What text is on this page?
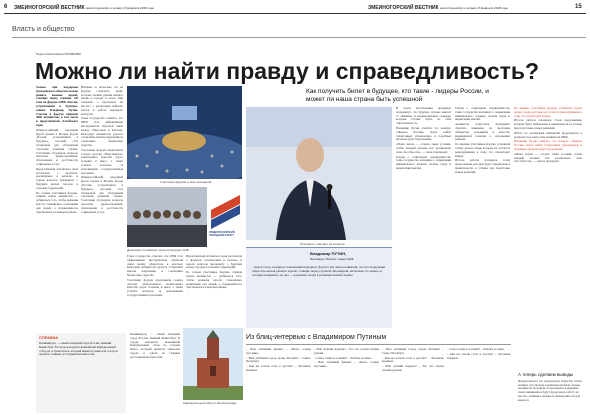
6 ЗМЕИНОГОРСКИЙ ВЕСТНИК www.zmgvestnik.ru четверг, 8 февраля 2018 года	ЗМЕИНОГОРСКИЙ ВЕСТНИК www.zmgvestnik.ru четверг, 8 февраля 2018 года	15
Власть и общество
Подготовила Ирина ПОЛЯКОВА
Можно ли найти правду и справедливость?

Только при поддержке гражданского общества можно решить важные задачи, стоящие перед страной. Об этом на форуме ОНФ «Россия, устремленная в будущее» заявил Владимир Путин. Участие в форуме приняли 3000 активистов, в том числе и представители Алтайского края.

Общероссийский народный фронт провел в Москве форум «Россия, устремленная в будущее», который стал площадкой для обсуждения стратегии развития страны. Участники обсуждали вопросы экологии, здравоохранения, образования и доступности социальных услуг.

Представители Алтайского края рассказали о проектах, реализуемых в регионе, и задали вопросы президенту о будущем малых городов и сельских территорий.

По словам участников форума, главная задача активистов — добиваться того, чтобы решения власти становились понятными для людей, а справедливость чувствовалась в каждом районе.

Впервые за несколько лет на форуме собрались люди, которые своими руками меняют жизнь в городах и селах. Они говорили о проблемах на местах, о реализации майских указов и работе народного контроля.

Глава государства отметил, что ОНФ стал эффективным инструментом обратной связи между обществом и властью. Благодаря активистам удалось остановить многие нарушения и сэкономить бюджетные средства.

Участники форума предложили создать систему общественного мониторинга качества дорог, больниц и школ, а также усилить контроль за исполнением государственных программ.

Общероссийский народный фронт провел в Москве форум «Россия, устремленная в будущее», который стал площадкой для обсуждения стратегии развития страны. Участники обсуждали вопросы экологии, здравоохранения, образования и доступности социальных услуг.

Участники форума в зале заседаний
Делегация Алтайского края на форуме ОНФ
ОБЩЕРОССИЙСКИЙ НАРОДНЫЙ ФРОНТ

Глава государства отметил, что ОНФ стал эффективным инструментом обратной связи между обществом и властью. Благодаря активистам удалось остановить многие нарушения и сэкономить бюджетные средства.

Участники форума предложили создать систему общественного мониторинга качества дорог, больниц и школ, а также усилить контроль за исполнением государственных программ.

Представители Алтайского края рассказали о проектах, реализуемых в регионе, и задали вопросы президенту о будущем малых городов и сельских территорий.

По словам участников форума, главная задача активистов — добиваться того, чтобы решения власти становились понятными для людей, а справедливость чувствовалась в каждом районе.

Как получить билет в будущее, кто такие - лидеры России, и может ли наша страна быть успешной
Президент отвечает на вопросы

В своем выступлении президент подчеркнул, что будущее страны зависит от активных и неравнодушных граждан, которые готовы брать на себя ответственность.

Владимир Путин отметил, что конкурс «Лидеры России» помог найти талантливых управленцев, и подобные проекты будут продолжены.

«Наша задача — создать такие условия, чтобы каждый человек мог реализовать свои способности», — сказал президент.

Говоря о социальной справедливости, глава государства напомнил о повышении минимального размера оплаты труда и индексации пенсий.

Говоря о социальной справедливости, глава государства напомнил о повышении минимального размера оплаты труда и индексации пенсий.

Активисты попросили президента обратить внимание на проблемы обманутых дольщиков и качество медицинской помощи в отдаленных районах.

По мнению участников форума, успешной страну делают люди, которые не остаются равнодушными к тому, что происходит вокруг.

Итогом работы площадок стали предложения, которые будут направлены в правительство и учтены при подготовке новых решений.

По мнению участников форума, успешной страну делают люди, которые не остаются равнодушными к тому, что происходит вокруг.

Итогом работы площадок стали предложения, которые будут направлены в правительство и учтены при подготовке новых решений.

Работа по реализации инициатив продолжится в регионах под контролем активистов ОНФ.

Владимир Путин отметил, что конкурс «Лидеры России» помог найти талантливых управленцев, и подобные проекты будут продолжены.

«Наша задача — создать такие условия, чтобы каждый человек мог реализовать свои способности», — сказал президент.

Владимир ПУТИН,
Президент России, лидер ОНФ
– Как и тогда, в период становления народного фронта мы четко понимали, что без поддержки общества нельзя решить задачи, стоящие перед страной. Мы видели, насколько это важно, и сегодня понимаем, что вы — надежная опора в развитии нашей страны.
Из блиц-интервью с Владимиром Путиным

– Ваш любимый фильм? – «Белое солнце пустыни».

– Ваш любимый город, кроме Москвы? – Санкт-Петербург.

– Кем вы хотели стать в детстве? – Летчиком, моряком.

– Ваш лучший подарок? – Тот, что сделан своими руками.

– Самое главное в жизни? – Любовь и семья.

– Ваш любимый фильм? – «Белое солнце пустыни».

– Ваш любимый город, кроме Москвы? – Санкт-Петербург.

– Кем вы хотели стать в детстве? – Летчиком, моряком.

– Ваш лучший подарок? – Тот, что сделан своими руками.

– Самое главное в жизни? – Любовь и семья.

– Кем вы хотели стать в детстве? – Летчиком, моряком.

СПРАВКА
Калининград — самый западный город России, бывший Кенигсберг. В городе находится знаменитый Кафедральный собор на острове Канта, который является символом города и одной из главных достопримечательностей.

Калининград — самый западный город России, бывший Кенигсберг. В городе находится знаменитый Кафедральный собор на острове Канта, который является символом города и одной из главных достопримечательностей.

Кафедральный собор в Калининграде
А теперь сделаем выводы
Форум показал, что гражданское общество готово активно участвовать в решении проблем страны. Активисты получили от президента поддержку своих инициатив и будут продолжать работу на местах, добиваясь правды и справедливости для каждого.
